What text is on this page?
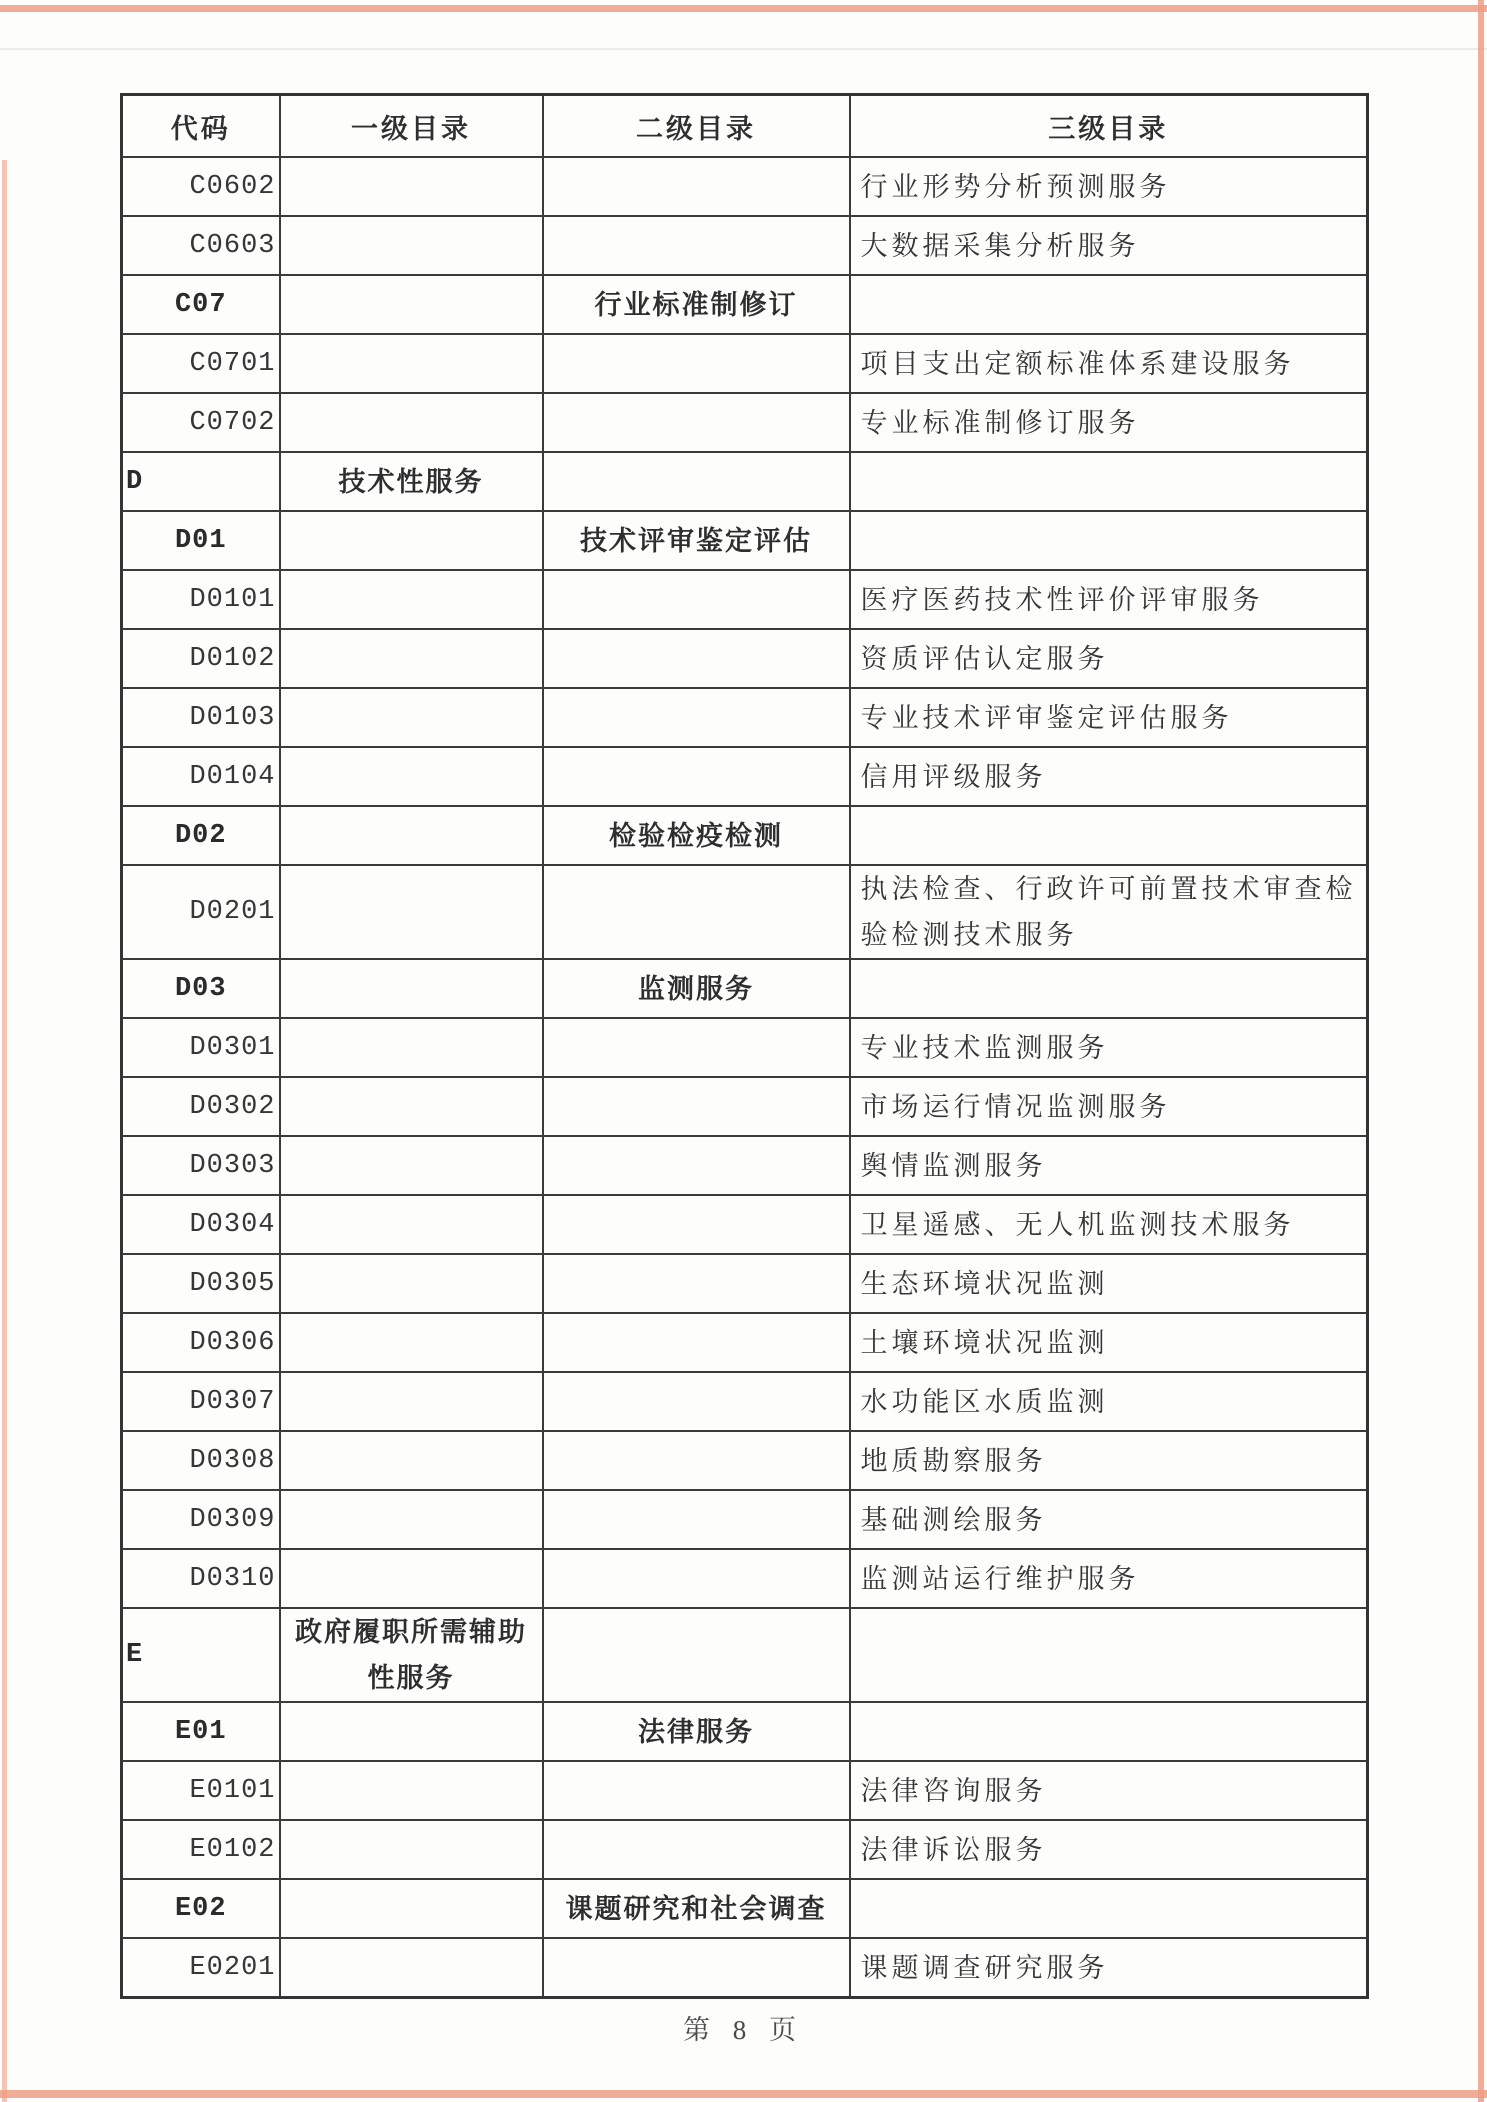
代码	一级目录	二级目录	三级目录
C0602			行业形势分析预测服务
C0603			大数据采集分析服务
C07		行业标准制修订	
C0701			项目支出定额标准体系建设服务
C0702			专业标准制修订服务
D	技术性服务		
D01		技术评审鉴定评估	
D0101			医疗医药技术性评价评审服务
D0102			资质评估认定服务
D0103			专业技术评审鉴定评估服务
D0104			信用评级服务
D02		检验检疫检测	
D0201			执法检查、行政许可前置技术审查检验检测技术服务
D03		监测服务	
D0301			专业技术监测服务
D0302			市场运行情况监测服务
D0303			舆情监测服务
D0304			卫星遥感、无人机监测技术服务
D0305			生态环境状况监测
D0306			土壤环境状况监测
D0307			水功能区水质监测
D0308			地质勘察服务
D0309			基础测绘服务
D0310			监测站运行维护服务
E	政府履职所需辅助性服务		
E01		法律服务	
E0101			法律咨询服务
E0102			法律诉讼服务
E02		课题研究和社会调查	
E0201			课题调查研究服务
第 8 页
